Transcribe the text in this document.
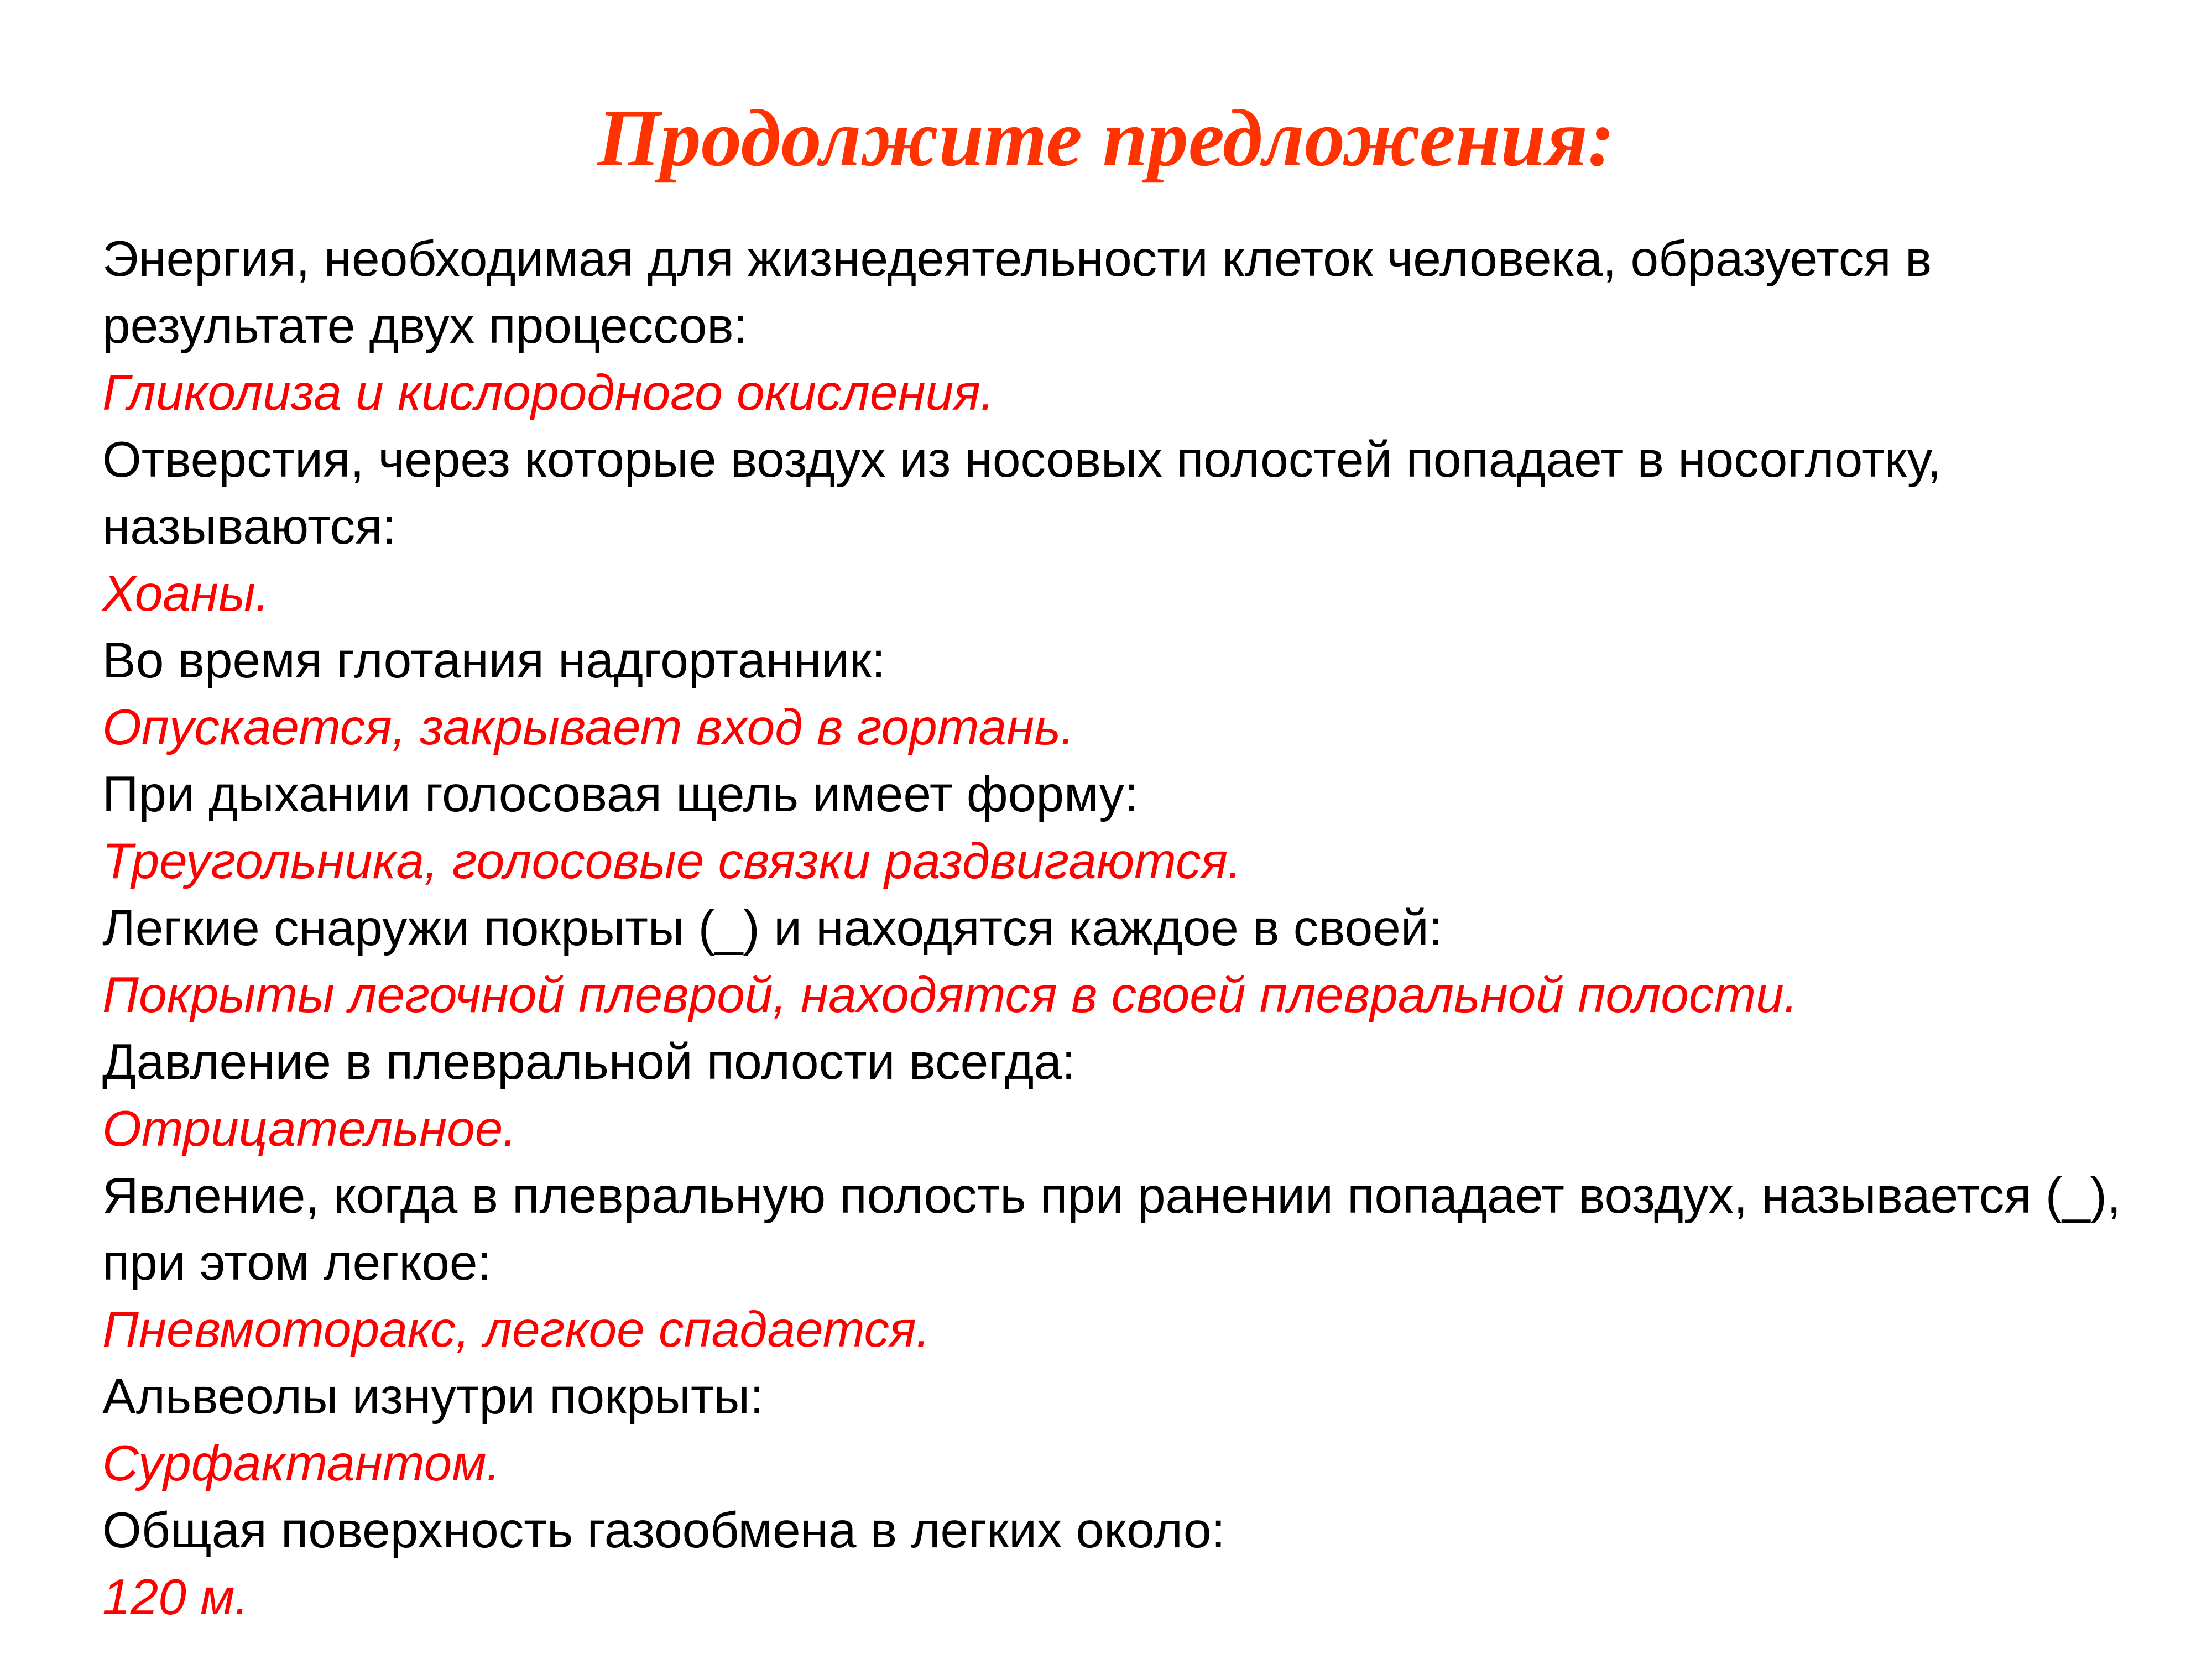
Продолжите предложения:

Энергия, необходимая для жизнедеятельности клеток человека, образуется в результате двух процессов:

Гликолиза и кислородного окисления.

Отверстия, через которые воздух из носовых полостей попадает в носоглотку, называются:

Хоаны.

Во время глотания надгортанник:

Опускается, закрывает вход в гортань.

При дыхании голосовая щель имеет форму:

Треугольника, голосовые связки раздвигаются.

Легкие снаружи покрыты (_) и находятся каждое в своей:

Покрыты легочной плеврой, находятся в своей плевральной полости.

Давление в плевральной полости всегда:

Отрицательное.

Явление, когда в плевральную полость при ранении попадает воздух, называется (_), при этом легкое:

Пневмоторакс, легкое спадается.

Альвеолы изнутри покрыты:

Сурфактантом.

Общая поверхность газообмена в легких около:

120 м.
